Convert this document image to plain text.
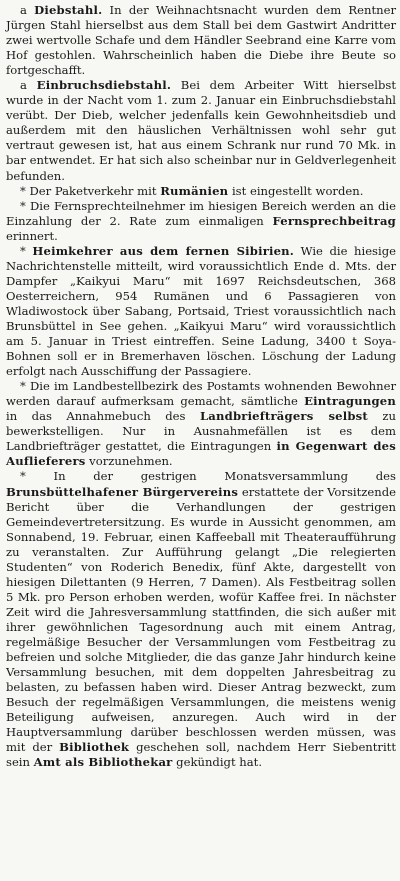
a Diebstahl. In der Weihnachtsnacht wurden dem Rentner Jürgen Stahl hierselbst aus dem Stall bei dem Gastwirt Andritter zwei wertvolle Schafe und dem Händler Seebrand eine Karre vom Hof gestohlen. Wahrscheinlich haben die Diebe ihre Beute so fortgeschafft.

a Einbruchsdiebstahl. Bei dem Arbeiter Witt hierselbst wurde in der Nacht vom 1. zum 2. Januar ein Einbruchsdiebstahl verübt. Der Dieb, welcher jedenfalls kein Gewohnheitsdieb und außerdem mit den häuslichen Verhältnissen wohl sehr gut vertraut gewesen ist, hat aus einem Schrank nur rund 70 Mk. in bar entwendet. Er hat sich also scheinbar nur in Geldverlegenheit befunden.

* Der Paketverkehr mit Rumänien ist eingestellt worden.

* Die Fernsprechteilnehmer im hiesigen Bereich werden an die Einzahlung der 2. Rate zum einmaligen Fernsprechbeitrag erinnert.

* Heimkehrer aus dem fernen Sibirien. Wie die hiesige Nachrichtenstelle mitteilt, wird voraussichtlich Ende d. Mts. der Dampfer „Kaikyui Maru“ mit 1697 Reichsdeutschen, 368 Oesterreichern, 954 Rumänen und 6 Passagieren von Wladiwostock über Sabang, Portsaid, Triest voraussichtlich nach Brunsbüttel in See gehen. „Kaikyui Maru“ wird voraussichtlich am 5. Januar in Triest eintreffen. Seine Ladung, 3400 t Soya-Bohnen soll er in Bremerhaven löschen. Löschung der Ladung erfolgt nach Ausschiffung der Passagiere.

* Die im Landbestellbezirk des Postamts wohnenden Bewohner werden darauf aufmerksam gemacht, sämtliche Eintragungen in das Annahmebuch des Landbriefträgers selbst zu bewerkstelligen. Nur in Ausnahmefällen ist es dem Landbriefträger gestattet, die Eintragungen in Gegenwart des Auflieferers vorzunehmen.

* In der gestrigen Monatsversammlung des Brunsbüttelhafener Bürgervereins erstattete der Vorsitzende Bericht über die Verhandlungen der gestrigen Gemeindevertretersitzung. Es wurde in Aussicht genommen, am Sonnabend, 19. Februar, einen Kaffeeball mit Theateraufführung zu veranstalten. Zur Aufführung gelangt „Die relegierten Studenten“ von Roderich Benedix, fünf Akte, dargestellt von hiesigen Dilettanten (9 Herren, 7 Damen). Als Festbeitrag sollen 5 Mk. pro Person erhoben werden, wofür Kaffee frei. In nächster Zeit wird die Jahresversammlung stattfinden, die sich außer mit ihrer gewöhnlichen Tagesordnung auch mit einem Antrag, regelmäßige Besucher der Versammlungen vom Festbeitrag zu befreien und solche Mitglieder, die das ganze Jahr hindurch keine Versammlung besuchen, mit dem doppelten Jahresbeitrag zu belasten, zu befassen haben wird. Dieser Antrag bezweckt, zum Besuch der regelmäßigen Versammlungen, die meistens wenig Beteiligung aufweisen, anzuregen. Auch wird in der Hauptversammlung darüber beschlossen werden müssen, was mit der Bibliothek geschehen soll, nachdem Herr Siebentritt sein Amt als Bibliothekar gekündigt hat.
